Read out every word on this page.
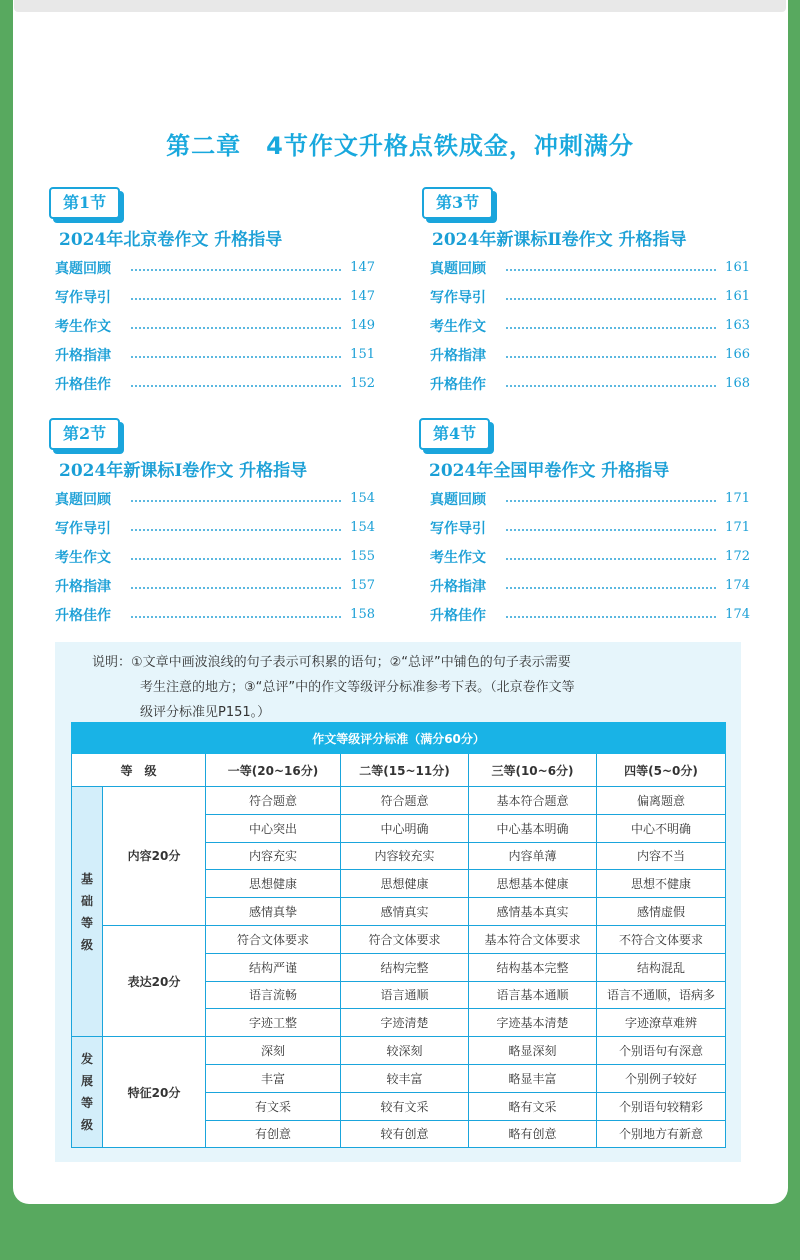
第二章　4节作文升格点铁成金，冲刺满分
第1节
2024年北京卷作文 升格指导
真题回顾	147
写作导引	147
考生作文	149
升格指津	151
升格佳作	152
第3节
2024年新课标Ⅱ卷作文 升格指导
真题回顾	161
写作导引	161
考生作文	163
升格指津	166
升格佳作	168
第2节
2024年新课标Ⅰ卷作文 升格指导
真题回顾	154
写作导引	154
考生作文	155
升格指津	157
升格佳作	158
第4节
2024年全国甲卷作文 升格指导
真题回顾	171
写作导引	171
考生作文	172
升格指津	174
升格佳作	174
说明：①文章中画波浪线的句子表示可积累的语句；②“总评”中铺色的句子表示需要
考生注意的地方；③“总评”中的作文等级评分标准参考下表。（北京卷作文等
级评分标准见P151。）
作文等级评分标准（满分60分）					
等　级		一等(20~16分)	二等(15~11分)	三等(10~6分)	四等(5~0分)
基
础
等
级	内容20分	符合题意	符合题意	基本符合题意	偏离题意
		中心突出	中心明确	中心基本明确	中心不明确
		内容充实	内容较充实	内容单薄	内容不当
		思想健康	思想健康	思想基本健康	思想不健康
		感情真挚	感情真实	感情基本真实	感情虚假
	表达20分	符合文体要求	符合文体要求	基本符合文体要求	不符合文体要求
		结构严谨	结构完整	结构基本完整	结构混乱
		语言流畅	语言通顺	语言基本通顺	语言不通顺，语病多
		字迹工整	字迹清楚	字迹基本清楚	字迹潦草难辨
发
展
等
级	特征20分	深刻	较深刻	略显深刻	个别语句有深意
		丰富	较丰富	略显丰富	个别例子较好
		有文采	较有文采	略有文采	个别语句较精彩
		有创意	较有创意	略有创意	个别地方有新意
